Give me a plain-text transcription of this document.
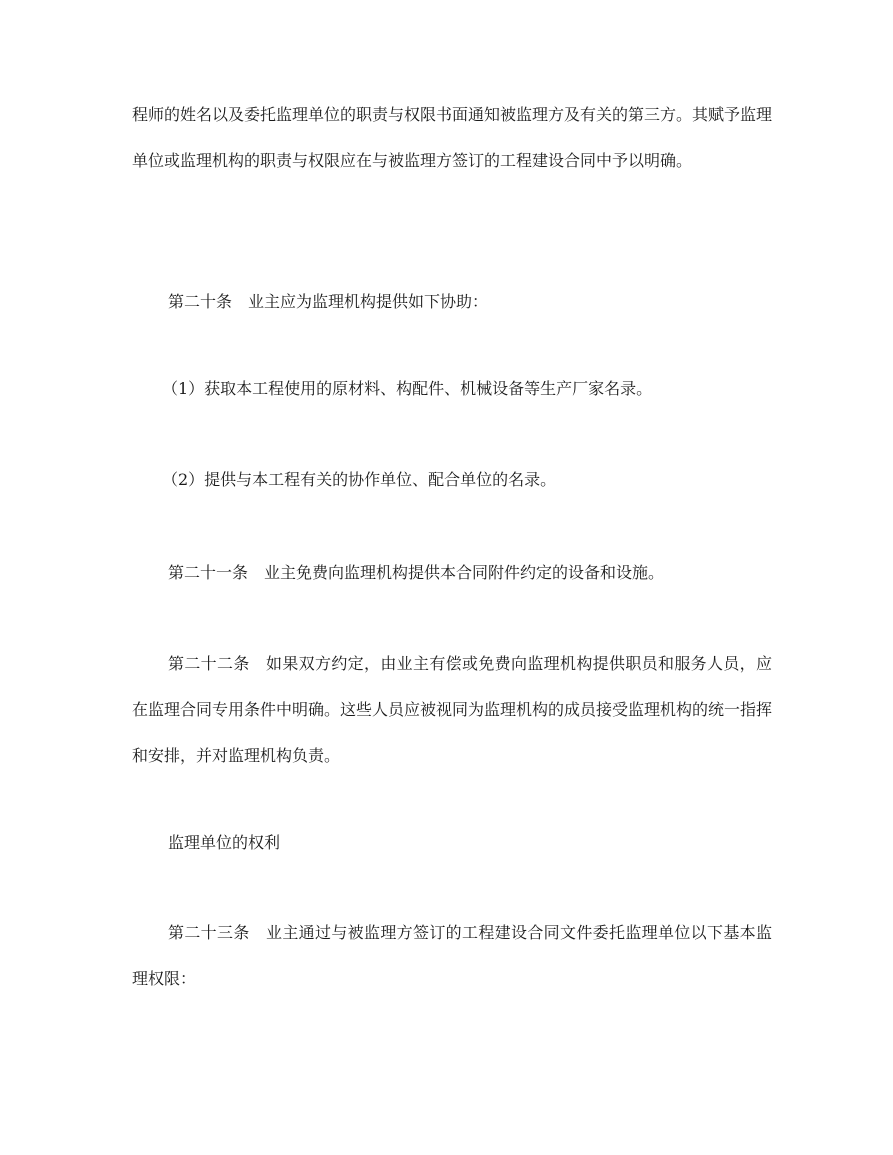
程师的姓名以及委托监理单位的职责与权限书面通知被监理方及有关的第三方。其赋予监理单位或监理机构的职责与权限应在与被监理方签订的工程建设合同中予以明确。

第二十条　业主应为监理机构提供如下协助：

（1）获取本工程使用的原材料、构配件、机械设备等生产厂家名录。

（2）提供与本工程有关的协作单位、配合单位的名录。

第二十一条　业主免费向监理机构提供本合同附件约定的设备和设施。

第二十二条　如果双方约定，由业主有偿或免费向监理机构提供职员和服务人员，应在监理合同专用条件中明确。这些人员应被视同为监理机构的成员接受监理机构的统一指挥和安排，并对监理机构负责。

监理单位的权利

第二十三条　业主通过与被监理方签订的工程建设合同文件委托监理单位以下基本监理权限：
